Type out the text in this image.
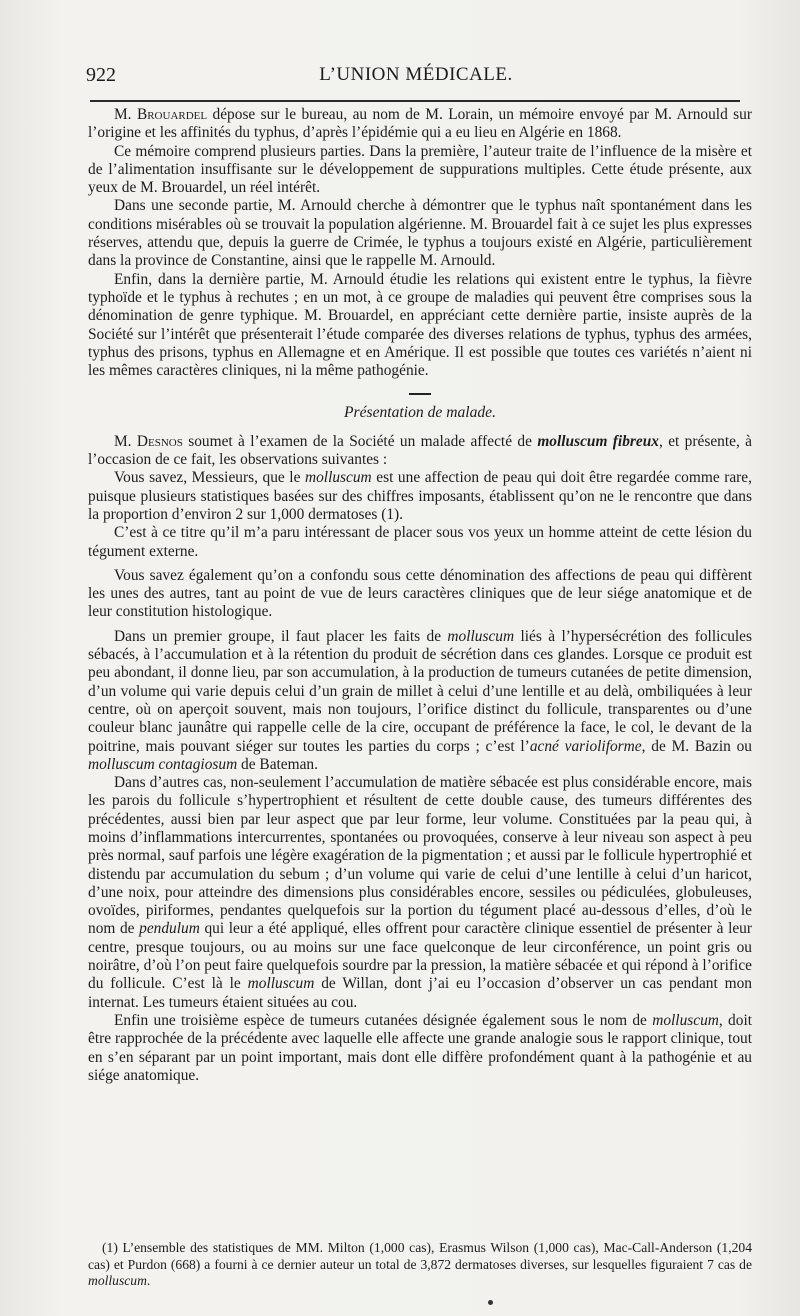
922	L’UNION MÉDICALE.

M. Brouardel dépose sur le bureau, au nom de M. Lorain, un mémoire envoyé par M. Arnould sur l’origine et les affinités du typhus, d’après l’épidémie qui a eu lieu en Algérie en 1868.

Ce mémoire comprend plusieurs parties. Dans la première, l’auteur traite de l’influence de la misère et de l’alimentation insuffisante sur le développement de suppurations multiples. Cette étude présente, aux yeux de M. Brouardel, un réel intérêt.

Dans une seconde partie, M. Arnould cherche à démontrer que le typhus naît spontanément dans les conditions misérables où se trouvait la population algérienne. M. Brouardel fait à ce sujet les plus expresses réserves, attendu que, depuis la guerre de Crimée, le typhus a toujours existé en Algérie, particulièrement dans la province de Constantine, ainsi que le rappelle M. Arnould.

Enfin, dans la dernière partie, M. Arnould étudie les relations qui existent entre le typhus, la fièvre typhoïde et le typhus à rechutes ; en un mot, à ce groupe de maladies qui peuvent être comprises sous la dénomination de genre typhique. M. Brouardel, en appréciant cette dernière partie, insiste auprès de la Société sur l’intérêt que présenterait l’étude comparée des diverses relations de typhus, typhus des armées, typhus des prisons, typhus en Allemagne et en Amérique. Il est possible que toutes ces variétés n’aient ni les mêmes caractères cliniques, ni la même pathogénie.

Présentation de malade.

M. Desnos soumet à l’examen de la Société un malade affecté de molluscum fibreux, et présente, à l’occasion de ce fait, les observations suivantes :

Vous savez, Messieurs, que le molluscum est une affection de peau qui doit être regardée comme rare, puisque plusieurs statistiques basées sur des chiffres imposants, établissent qu’on ne le rencontre que dans la proportion d’environ 2 sur 1,000 dermatoses (1).

C’est à ce titre qu’il m’a paru intéressant de placer sous vos yeux un homme atteint de cette lésion du tégument externe.

Vous savez également qu’on a confondu sous cette dénomination des affections de peau qui diffèrent les unes des autres, tant au point de vue de leurs caractères cliniques que de leur siége anatomique et de leur constitution histologique.

Dans un premier groupe, il faut placer les faits de molluscum liés à l’hypersécrétion des follicules sébacés, à l’accumulation et à la rétention du produit de sécrétion dans ces glandes. Lorsque ce produit est peu abondant, il donne lieu, par son accumulation, à la production de tumeurs cutanées de petite dimension, d’un volume qui varie depuis celui d’un grain de millet à celui d’une lentille et au delà, ombiliquées à leur centre, où on aperçoit souvent, mais non toujours, l’orifice distinct du follicule, transparentes ou d’une couleur blanc jaunâtre qui rappelle celle de la cire, occupant de préférence la face, le col, le devant de la poitrine, mais pouvant siéger sur toutes les parties du corps ; c’est l’acné varioliforme, de M. Bazin ou molluscum contagiosum de Bateman.

Dans d’autres cas, non-seulement l’accumulation de matière sébacée est plus considérable encore, mais les parois du follicule s’hypertrophient et résultent de cette double cause, des tumeurs différentes des précédentes, aussi bien par leur aspect que par leur forme, leur volume. Constituées par la peau qui, à moins d’inflammations intercurrentes, spontanées ou provoquées, conserve à leur niveau son aspect à peu près normal, sauf parfois une légère exagération de la pigmentation ; et aussi par le follicule hypertrophié et distendu par accumulation du sebum ; d’un volume qui varie de celui d’une lentille à celui d’un haricot, d’une noix, pour atteindre des dimensions plus considérables encore, sessiles ou pédiculées, globuleuses, ovoïdes, piriformes, pendantes quelquefois sur la portion du tégument placé au-dessous d’elles, d’où le nom de pendulum qui leur a été appliqué, elles offrent pour caractère clinique essentiel de présenter à leur centre, presque toujours, ou au moins sur une face quelconque de leur circonférence, un point gris ou noirâtre, d’où l’on peut faire quelquefois sourdre par la pression, la matière sébacée et qui répond à l’orifice du follicule. C’est là le molluscum de Willan, dont j’ai eu l’occasion d’observer un cas pendant mon internat. Les tumeurs étaient situées au cou.

Enfin une troisième espèce de tumeurs cutanées désignée également sous le nom de molluscum, doit être rapprochée de la précédente avec laquelle elle affecte une grande analogie sous le rapport clinique, tout en s’en séparant par un point important, mais dont elle diffère profondément quant à la pathogénie et au siége anatomique.

(1) L’ensemble des statistiques de MM. Milton (1,000 cas), Erasmus Wilson (1,000 cas), Mac-Call-Anderson (1,204 cas) et Purdon (668) a fourni à ce dernier auteur un total de 3,872 dermatoses diverses, sur lesquelles figuraient 7 cas de molluscum.
